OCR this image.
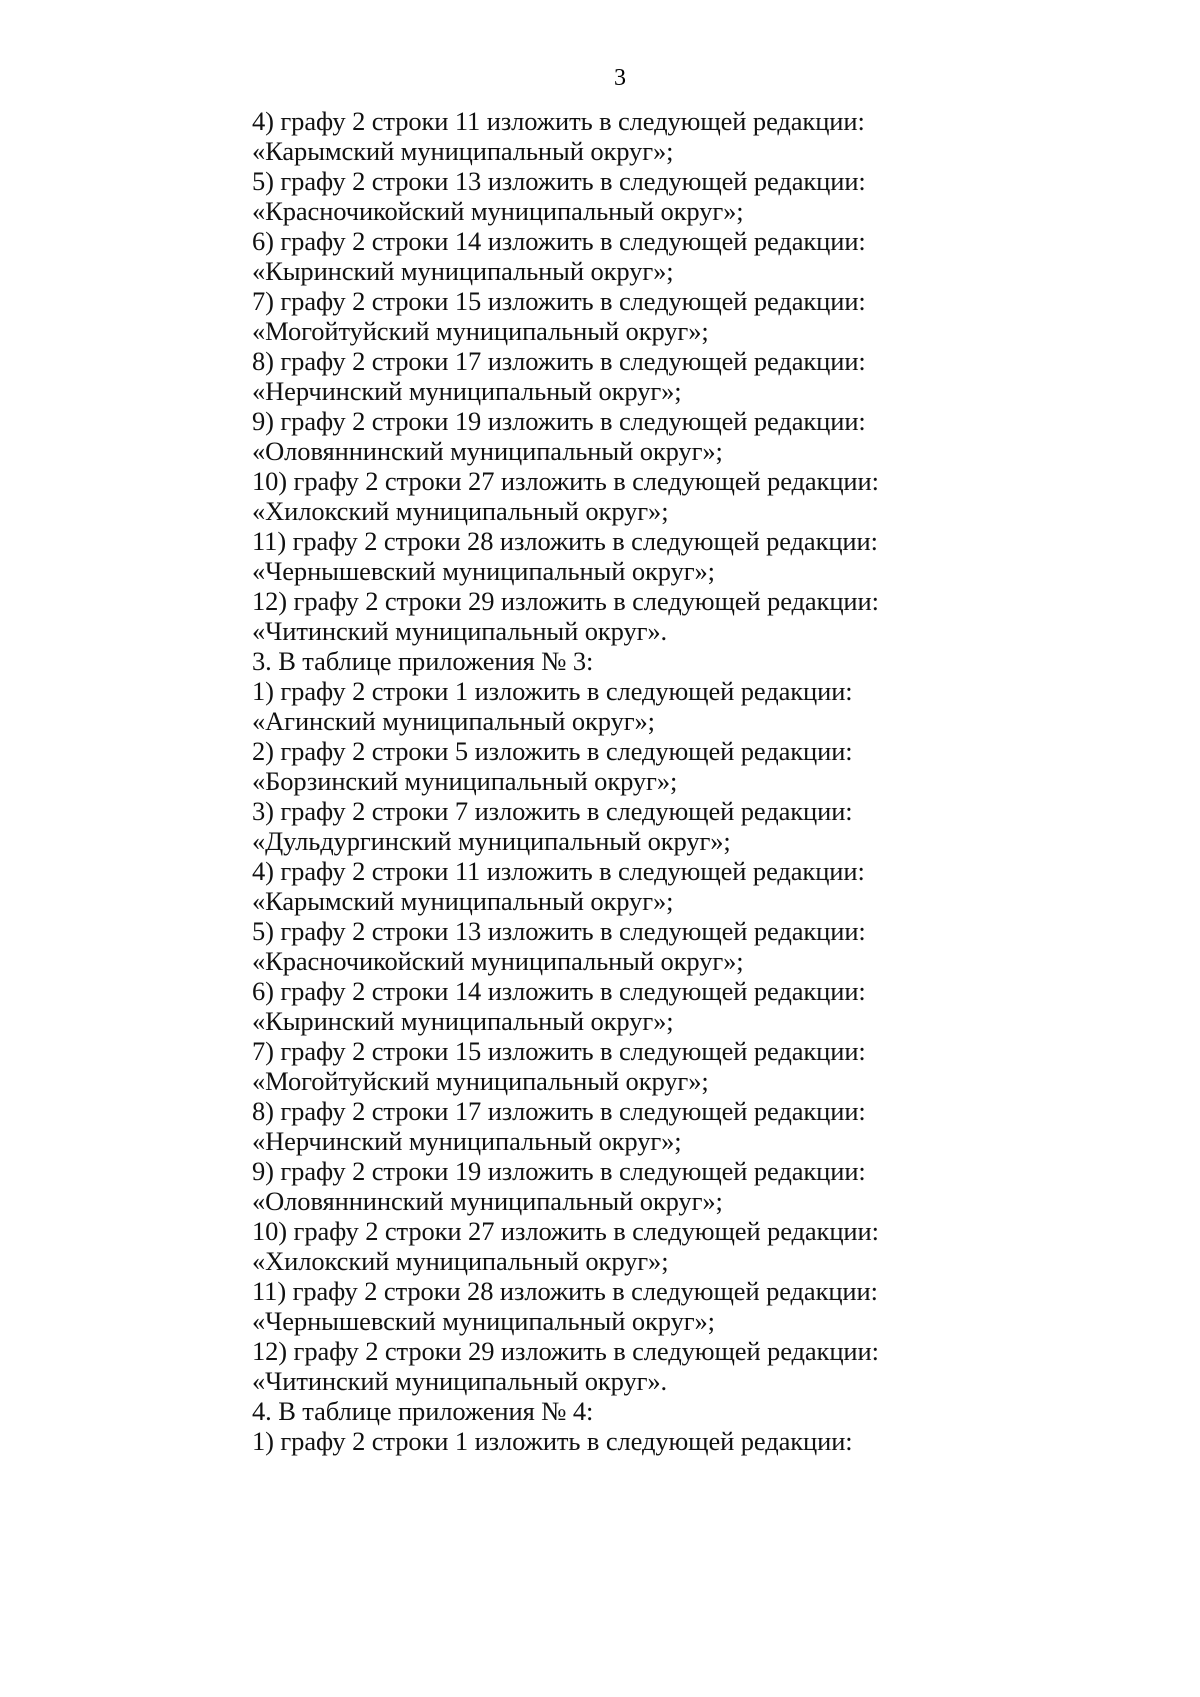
3
4) графу 2 строки 11 изложить в следующей редакции:
«Карымский муниципальный округ»;
5) графу 2 строки 13 изложить в следующей редакции:
«Красночикойский муниципальный округ»;
6) графу 2 строки 14 изложить в следующей редакции:
«Кыринский муниципальный округ»;
7) графу 2 строки 15 изложить в следующей редакции:
«Могойтуйский муниципальный округ»;
8) графу 2 строки 17 изложить в следующей редакции:
«Нерчинский муниципальный округ»;
9) графу 2 строки 19 изложить в следующей редакции:
«Оловяннинский муниципальный округ»;
10) графу 2 строки 27 изложить в следующей редакции:
«Хилокский муниципальный округ»;
11) графу 2 строки 28 изложить в следующей редакции:
«Чернышевский муниципальный округ»;
12) графу 2 строки 29 изложить в следующей редакции:
«Читинский муниципальный округ».
3. В таблице приложения № 3:
1) графу 2 строки 1 изложить в следующей редакции:
«Агинский муниципальный округ»;
2) графу 2 строки 5 изложить в следующей редакции:
«Борзинский муниципальный округ»;
3) графу 2 строки 7 изложить в следующей редакции:
«Дульдургинский муниципальный округ»;
4) графу 2 строки 11 изложить в следующей редакции:
«Карымский муниципальный округ»;
5) графу 2 строки 13 изложить в следующей редакции:
«Красночикойский муниципальный округ»;
6) графу 2 строки 14 изложить в следующей редакции:
«Кыринский муниципальный округ»;
7) графу 2 строки 15 изложить в следующей редакции:
«Могойтуйский муниципальный округ»;
8) графу 2 строки 17 изложить в следующей редакции:
«Нерчинский муниципальный округ»;
9) графу 2 строки 19 изложить в следующей редакции:
«Оловяннинский муниципальный округ»;
10) графу 2 строки 27 изложить в следующей редакции:
«Хилокский муниципальный округ»;
11) графу 2 строки 28 изложить в следующей редакции:
«Чернышевский муниципальный округ»;
12) графу 2 строки 29 изложить в следующей редакции:
«Читинский муниципальный округ».
4. В таблице приложения № 4:
1) графу 2 строки 1 изложить в следующей редакции:
